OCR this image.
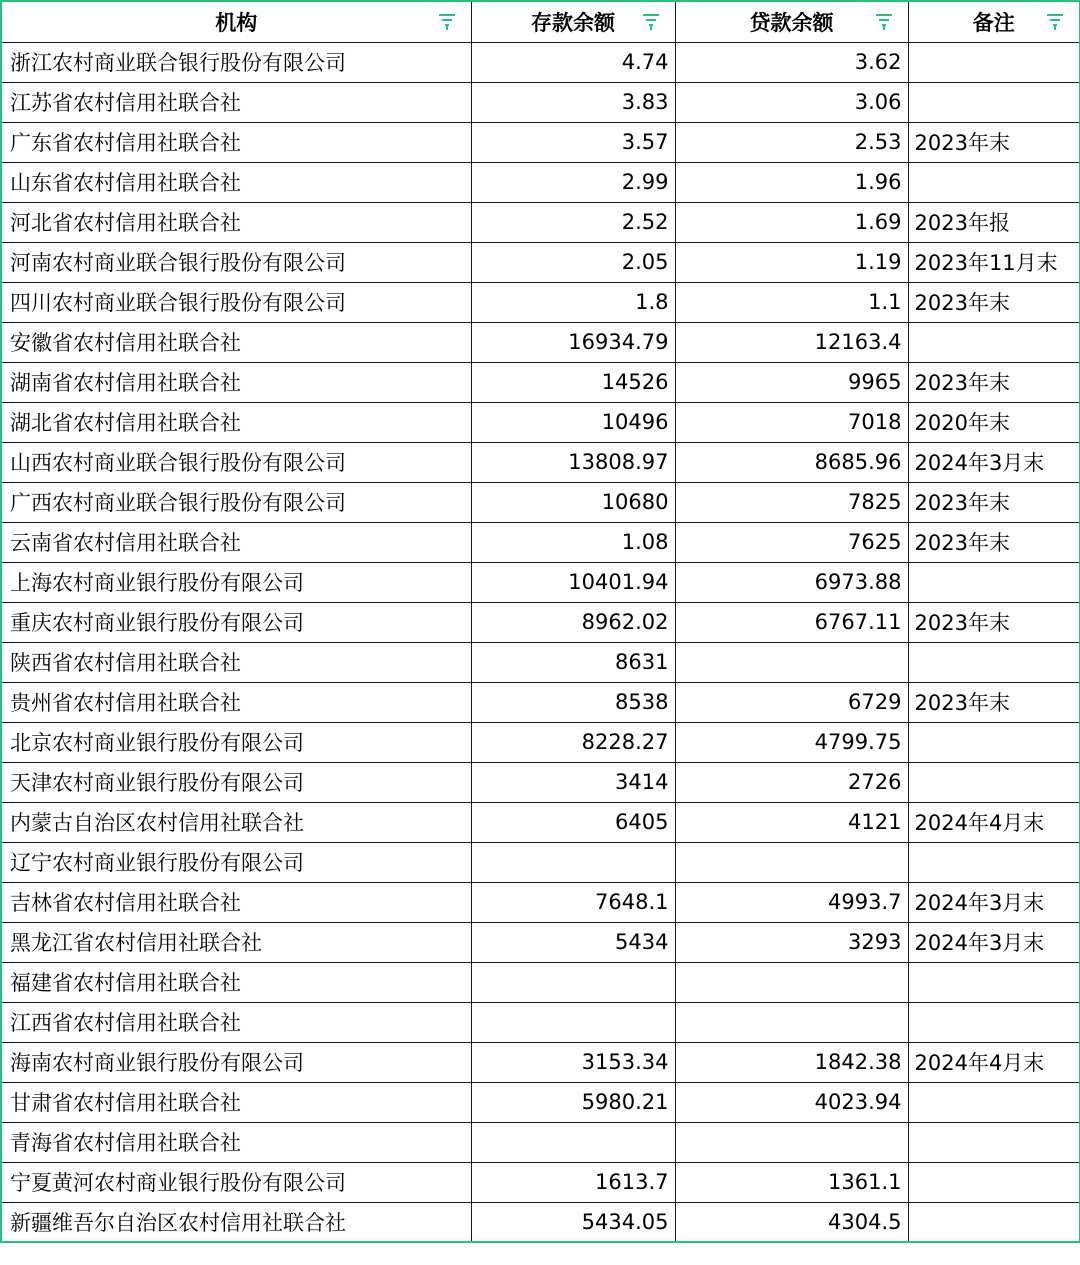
机构	存款余额	贷款余额	备注

浙江农村商业联合银行股份有限公司	4.74	3.62	
江苏省农村信用社联合社	3.83	3.06	
广东省农村信用社联合社	3.57	2.53	2023年末
山东省农村信用社联合社	2.99	1.96	
河北省农村信用社联合社	2.52	1.69	2023年报
河南农村商业联合银行股份有限公司	2.05	1.19	2023年11月末
四川农村商业联合银行股份有限公司	1.8	1.1	2023年末
安徽省农村信用社联合社	16934.79	12163.4	
湖南省农村信用社联合社	14526	9965	2023年末
湖北省农村信用社联合社	10496	7018	2020年末
山西农村商业联合银行股份有限公司	13808.97	8685.96	2024年3月末
广西农村商业联合银行股份有限公司	10680	7825	2023年末
云南省农村信用社联合社	1.08	7625	2023年末
上海农村商业银行股份有限公司	10401.94	6973.88	
重庆农村商业银行股份有限公司	8962.02	6767.11	2023年末
陕西省农村信用社联合社	8631		
贵州省农村信用社联合社	8538	6729	2023年末
北京农村商业银行股份有限公司	8228.27	4799.75	
天津农村商业银行股份有限公司	3414	2726	
内蒙古自治区农村信用社联合社	6405	4121	2024年4月末
辽宁农村商业银行股份有限公司			
吉林省农村信用社联合社	7648.1	4993.7	2024年3月末
黑龙江省农村信用社联合社	5434	3293	2024年3月末
福建省农村信用社联合社			
江西省农村信用社联合社			
海南农村商业银行股份有限公司	3153.34	1842.38	2024年4月末
甘肃省农村信用社联合社	5980.21	4023.94	
青海省农村信用社联合社			
宁夏黄河农村商业银行股份有限公司	1613.7	1361.1	
新疆维吾尔自治区农村信用社联合社	5434.05	4304.5	
